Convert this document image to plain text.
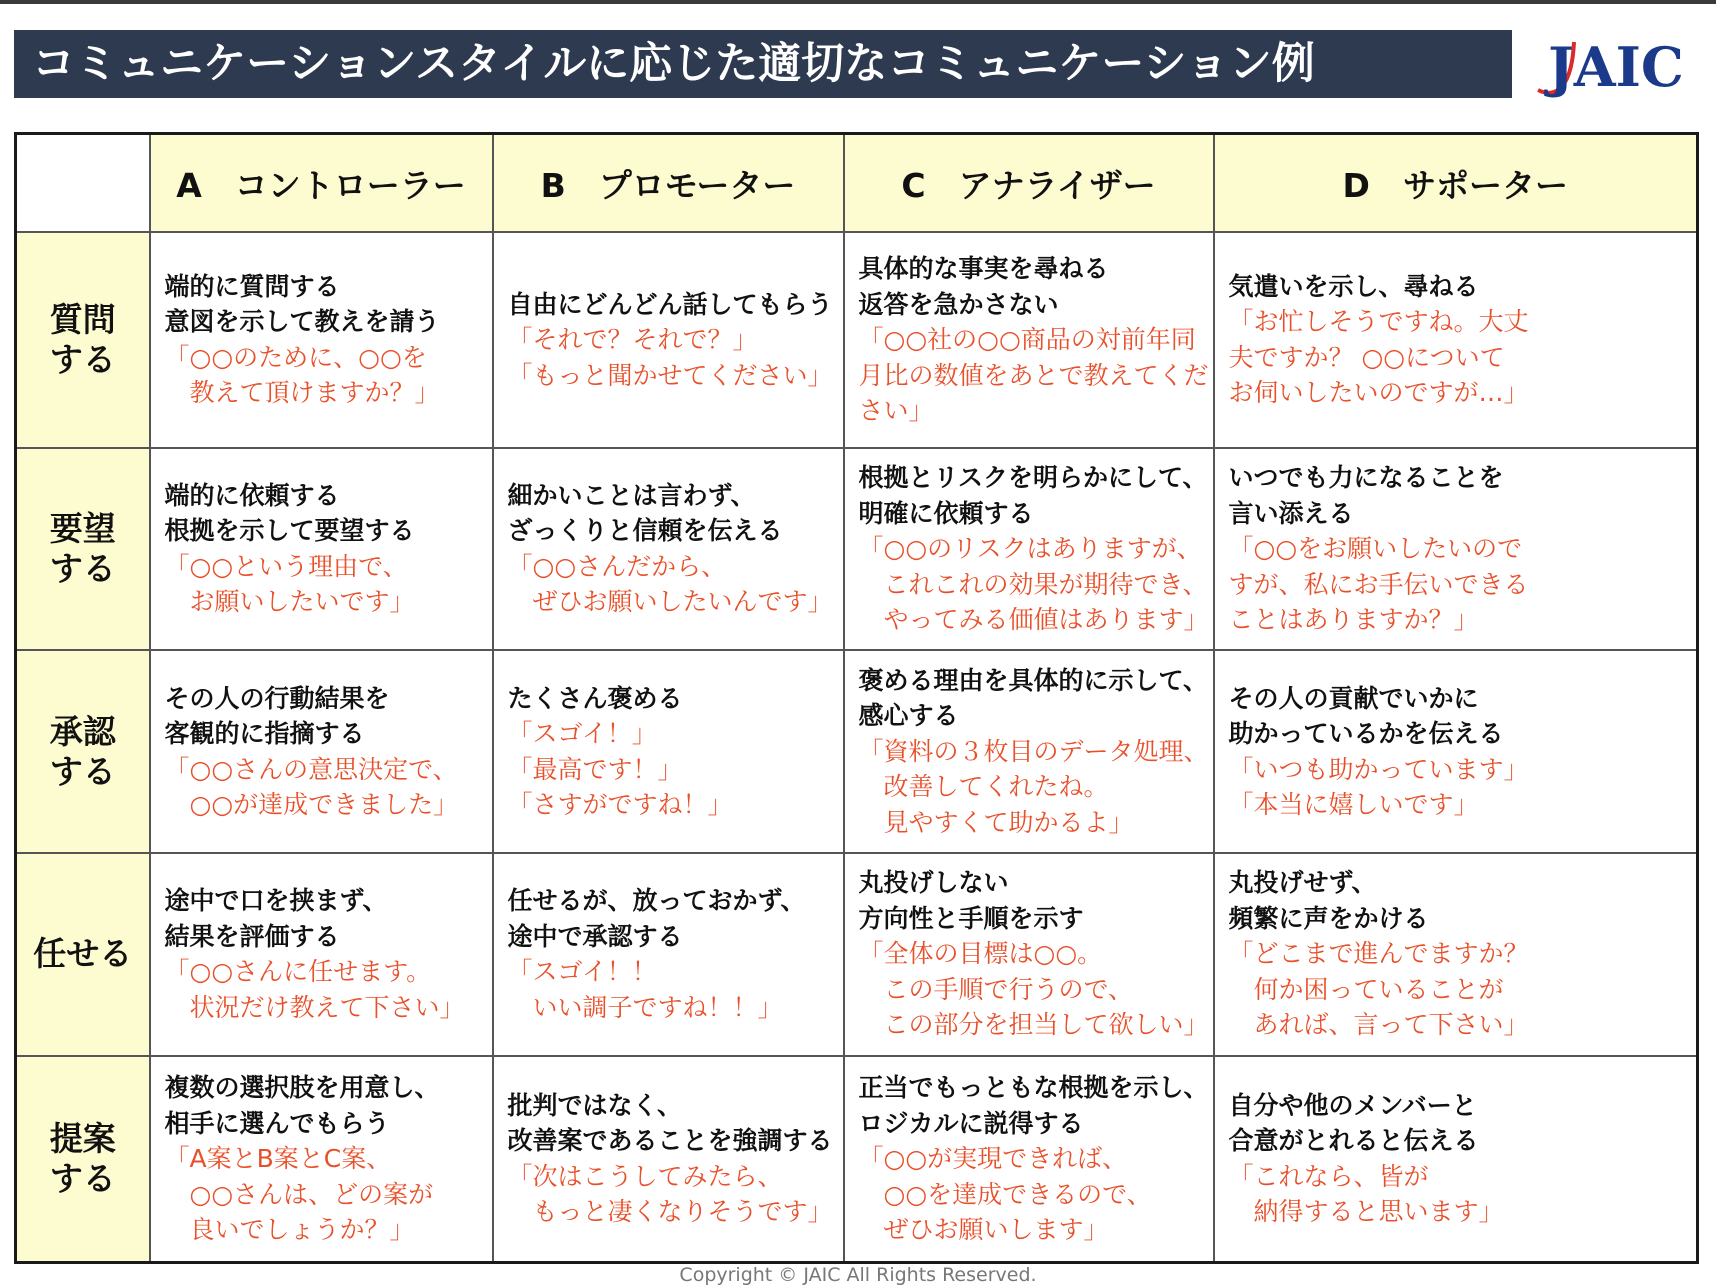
コミュニケーションスタイルに応じた適切なコミュニケーション例	JAIC
	A　コントローラー	B　プロモーター	C　アナライザー	D　サポーター

質問
する	端的に質問する
意図を示して教えを請う
「○○のために、○○を
　教えて頂けますか？」	自由にどんどん話してもらう
「それで？それで？」
「もっと聞かせてください」	具体的な事実を尋ねる
返答を急かさない
「○○社の○○商品の対前年同
月比の数値をあとで教えてくだ
さい」	気遣いを示し、尋ねる
「お忙しそうですね。大丈
夫ですか？ ○○について
お伺いしたいのですが…」

要望
する	端的に依頼する
根拠を示して要望する
「○○という理由で、
　お願いしたいです」	細かいことは言わず、
ざっくりと信頼を伝える
「○○さんだから、
　ぜひお願いしたいんです」	根拠とリスクを明らかにして、
明確に依頼する
「○○のリスクはありますが、
　これこれの効果が期待でき、
　やってみる価値はあります」	いつでも力になることを
言い添える
「○○をお願いしたいので
すが、私にお手伝いできる
ことはありますか？」

承認
する	その人の行動結果を
客観的に指摘する
「○○さんの意思決定で、
　○○が達成できました」	たくさん褒める
「スゴイ！」
「最高です！」
「さすがですね！」	褒める理由を具体的に示して、
感心する
「資料の３枚目のデータ処理、
　改善してくれたね。
　見やすくて助かるよ」	その人の貢献でいかに
助かっているかを伝える
「いつも助かっています」
「本当に嬉しいです」

任せる	途中で口を挟まず、
結果を評価する
「○○さんに任せます。
　状況だけ教えて下さい」	任せるが、放っておかず、
途中で承認する
「スゴイ！！
　いい調子ですね！！」	丸投げしない
方向性と手順を示す
「全体の目標は○○。
　この手順で行うので、
　この部分を担当して欲しい」	丸投げせず、
頻繁に声をかける
「どこまで進んでますか？
　何か困っていることが
　あれば、言って下さい」

提案
する	複数の選択肢を用意し、
相手に選んでもらう
「A案とB案とC案、
　○○さんは、どの案が
　良いでしょうか？」	批判ではなく、
改善案であることを強調する
「次はこうしてみたら、
　もっと凄くなりそうです」	正当でもっともな根拠を示し、
ロジカルに説得する
「○○が実現できれば、
　○○を達成できるので、
　ぜひお願いします」	自分や他のメンバーと
合意がとれると伝える
「これなら、皆が
　納得すると思います」
Copyright © JAIC All Rights Reserved.
